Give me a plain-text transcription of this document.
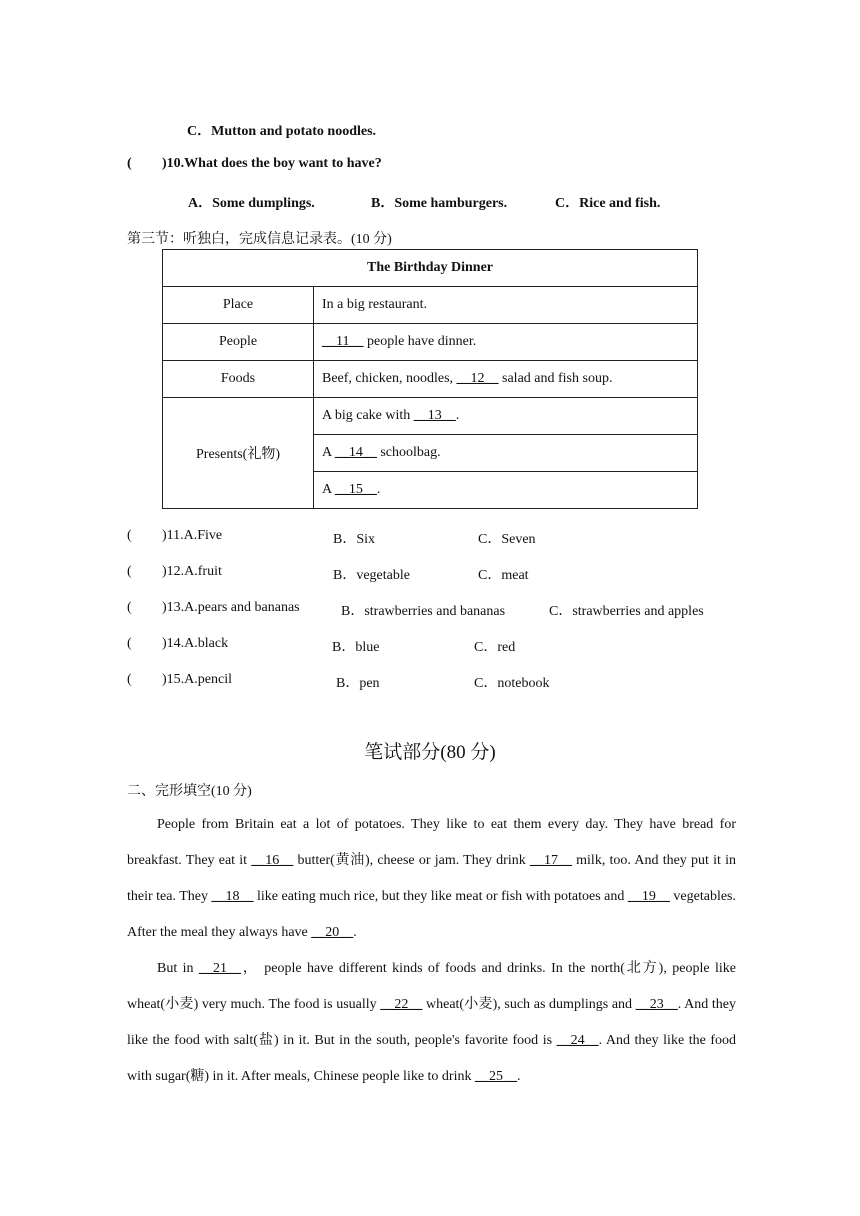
C．Mutton and potato noodles.
( )10.What does the boy want to have?
A．Some dumplings.	B．Some hamburgers.	C．Rice and fish.
第三节：听独白，完成信息记录表。(10 分)
The Birthday Dinner	
Place	In a big restaurant.
People	__11__ people have dinner.
Foods	Beef, chicken, noodles, __12__ salad and fish soup.
Presents(礼物)	A big cake with __13__.
	A __14__ schoolbag.
	A __15__.
( )11.A.Five	B．Six	C．Seven
( )12.A.fruit	B．vegetable	C．meat
( )13.A.pears and bananas	B．strawberries and bananas	C．strawberries and apples
( )14.A.black	B．blue	C．red
( )15.A.pencil	B．pen	C．notebook
笔试部分(80 分)
二、完形填空(10 分)
People from Britain eat a lot of potatoes. They like to eat them every day. They have bread for breakfast. They eat it __16__ butter(黄油), cheese or jam. They drink __17__ milk, too. And they put it in their tea. They __18__ like eating much rice, but they like meat or fish with potatoes and __19__ vegetables. After the meal they always have __20__.
But in __21__， people have different kinds of foods and drinks. In the north(北方), people like wheat(小麦) very much. The food is usually __22__ wheat(小麦), such as dumplings and __23__. And they like the food with salt(盐) in it. But in the south, people's favorite food is __24__. And they like the food with sugar(糖) in it. After meals, Chinese people like to drink __25__.
